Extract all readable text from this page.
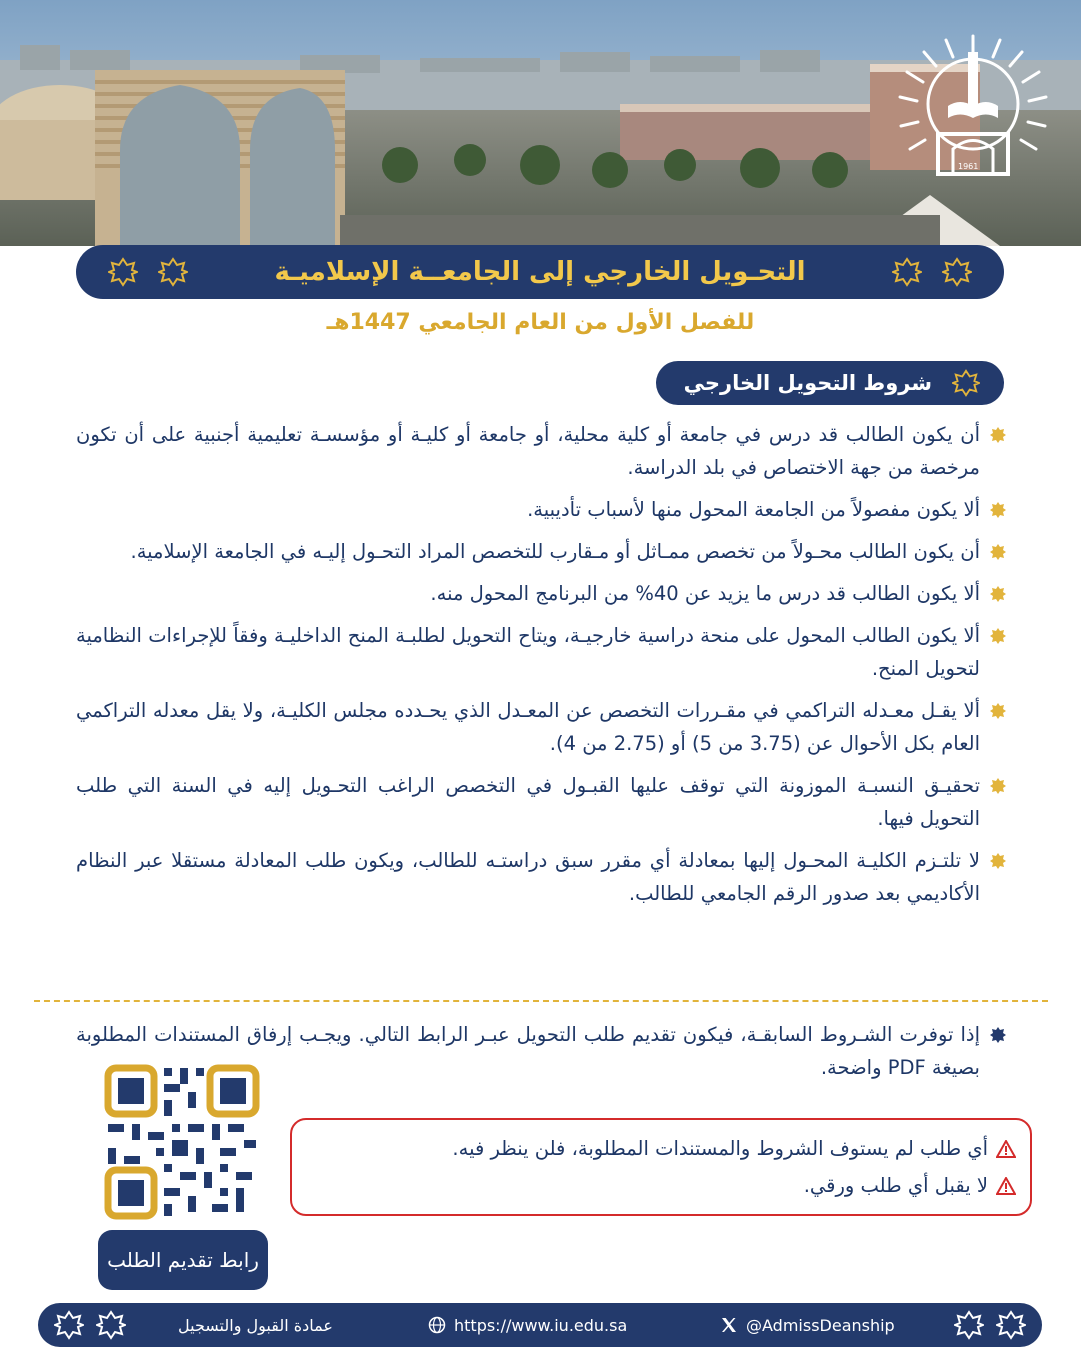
1961
التحـويل الخارجي إلى الجامعــة الإسلاميـة
للفصل الأول من العام الجامعي 1447هـ
شروط التحويل الخارجي
أن يكون الطالب قد درس في جامعة أو كلية محلية، أو جامعة أو كليـة أو مؤسسـة تعليمية أجنبية على أن تكون مرخصة من جهة الاختصاص في بلد الدراسة.
ألا يكون مفصولاً من الجامعة المحول منها لأسباب تأديبية.
أن يكون الطالب محـولاً من تخصص ممـاثل أو مـقارب للتخصص المراد التحـول إليـه في الجامعة الإسلامية.
ألا يكون الطالب قد درس ما يزيد عن 40% من البرنامج المحول منه.
ألا يكون الطالب المحول على منحة دراسية خارجيـة، ويتاح التحويل لطلبـة المنح الداخليـة وفقاً للإجراءات النظامية لتحويل المنح.
ألا يقـل معـدله التراكمي في مقـررات التخصص عن المعـدل الذي يحـدده مجلس الكليـة، ولا يقل معدله التراكمي العام بكل الأحوال عن (3.75 من 5) أو (2.75 من 4).
تحقيـق النسبـة الموزونة التي توقف عليها القبـول في التخصص الراغب التحـويل إليه في السنة التي طلب التحويل فيها.
لا تلتـزم الكليـة المحـول إليها بمعادلة أي مقرر سبق دراستـه للطالب، ويكون طلب المعادلة مستقلا عبر النظام الأكاديمي بعد صدور الرقم الجامعي للطالب.
إذا توفرت الشـروط السابقـة، فيكون تقديم طلب التحويل عبـر الرابط التالي. ويجـب إرفاق المستندات المطلوبة بصيغة PDF واضحة.
أي طلب لم يستوف الشروط والمستندات المطلوبة، فلن ينظر فيه.
لا يقبل أي طلب ورقي.
رابط تقديم الطلب
عمادة القبول والتسجيل	https://www.iu.edu.sa	@AdmissDeanship
